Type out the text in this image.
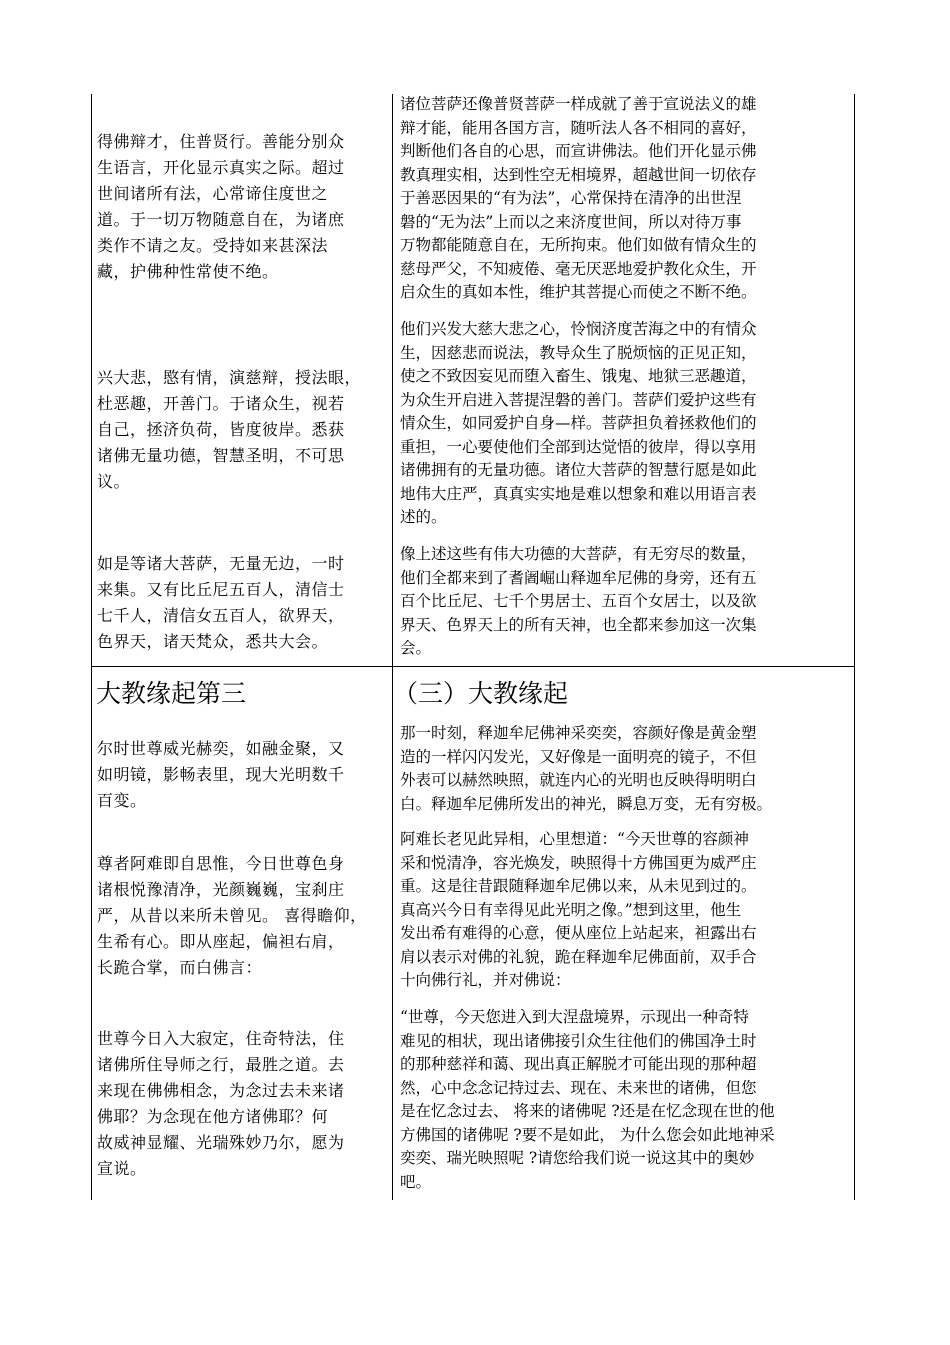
得佛辩才，住普贤行。善能分别众
生语言，开化显示真实之际。超过
世间诸所有法，心常谛住度世之
道。于一切万物随意自在，为诸庶
类作不请之友。受持如来甚深法
藏，护佛种性常使不绝。

兴大悲，愍有情，演慈辩，授法眼，
杜恶趣，开善门。于诸众生，视若
自己，拯济负荷，皆度彼岸。悉获
诸佛无量功德，智慧圣明，不可思
议。

如是等诸大菩萨，无量无边，一时
来集。又有比丘尼五百人，清信士
七千人，清信女五百人，欲界天，
色界天，诸天梵众，悉共大会。

诸位菩萨还像普贤菩萨一样成就了善于宣说法义的雄
辩才能，能用各国方言，随听法人各不相同的喜好，
判断他们各自的心思，而宣讲佛法。他们开化显示佛
教真理实相，达到性空无相境界，超越世间一切依存
于善恶因果的“有为法”，心常保持在清净的出世涅
磐的“无为法”上而以之来济度世间，所以对待万事
万物都能随意自在，无所拘束。他们如做有情众生的
慈母严父，不知疲倦、毫无厌恶地爱护教化众生，开
启众生的真如本性，维护其菩提心而使之不断不绝。

他们兴发大慈大悲之心，怜悯济度苦海之中的有情众
生，因慈悲而说法，教导众生了脱烦恼的正见正知，
使之不致因妄见而堕入畜生、饿鬼、地狱三恶趣道，
为众生开启进入菩提涅磐的善门。菩萨们爱护这些有
情众生，如同爱护自身—样。菩萨担负着拯救他们的
重担，一心要使他们全部到达觉悟的彼岸，得以享用
诸佛拥有的无量功德。诸位大菩萨的智慧行愿是如此
地伟大庄严，真真实实地是难以想象和难以用语言表
述的。

像上述这些有伟大功德的大菩萨，有无穷尽的数量，
他们全都来到了耆阇崛山释迦牟尼佛的身旁，还有五
百个比丘尼、七千个男居士、五百个女居士，以及欲
界天、色界天上的所有天神，也全都来参加这一次集
会。

大教缘起第三	（三）大教缘起

尔时世尊威光赫奕，如融金聚，又
如明镜，影畅表里，现大光明数千
百变。

尊者阿难即自思惟，今日世尊色身
诸根悦豫清净，光颜巍巍，宝刹庄
严，从昔以来所未曾见。 喜得瞻仰，
生希有心。即从座起，偏袒右肩，
长跪合掌，而白佛言：

世尊今日入大寂定，住奇特法，住
诸佛所住导师之行，最胜之道。去
来现在佛佛相念，为念过去未来诸
佛耶？为念现在他方诸佛耶？何
故威神显耀、光瑞殊妙乃尔，愿为
宣说。

那一时刻，释迦牟尼佛神采奕奕，容颜好像是黄金塑
造的一样闪闪发光，又好像是一面明亮的镜子，不但
外表可以赫然映照，就连内心的光明也反映得明明白
白。释迦牟尼佛所发出的神光，瞬息万变，无有穷极。

阿难长老见此异相，心里想道：“今天世尊的容颜神
采和悦清净，容光焕发，映照得十方佛国更为威严庄
重。这是往昔跟随释迦牟尼佛以来，从未见到过的。
真高兴今日有幸得见此光明之像。”想到这里，他生
发出希有难得的心意，便从座位上站起来，袒露出右
肩以表示对佛的礼貌，跪在释迦牟尼佛面前，双手合
十向佛行礼，并对佛说：

“世尊，今天您进入到大涅盘境界，示现出一种奇特
难见的相状，现出诸佛接引众生往他们的佛国净土时
的那种慈祥和蔼、现出真正解脱才可能出现的那种超
然，心中念念记持过去、现在、未来世的诸佛，但您
是在忆念过去、 将来的诸佛呢 ?还是在忆念现在世的他
方佛国的诸佛呢 ?要不是如此， 为什么您会如此地神采
奕奕、瑞光映照呢 ?请您给我们说一说这其中的奥妙
吧。
